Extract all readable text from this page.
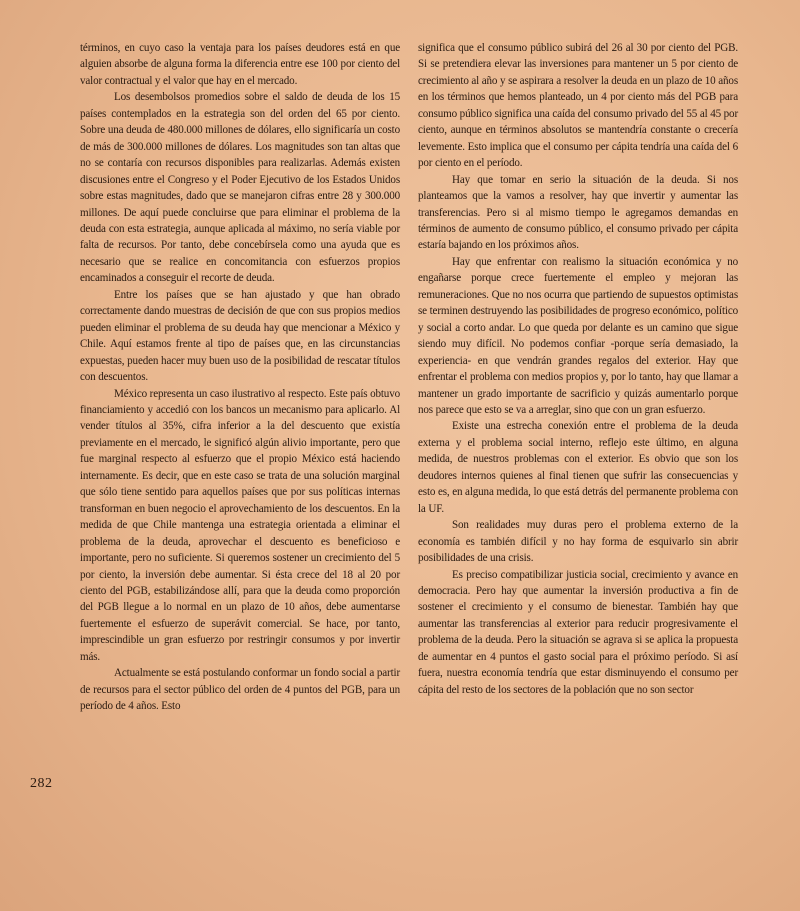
términos, en cuyo caso la ventaja para los países deudores está en que alguien absorbe de alguna forma la diferencia entre ese 100 por ciento del valor contractual y el valor que hay en el mercado.

Los desembolsos promedios sobre el saldo de deuda de los 15 países contemplados en la estrategia son del orden del 65 por ciento. Sobre una deuda de 480.000 millones de dólares, ello significaría un costo de más de 300.000 millones de dólares. Los magnitudes son tan altas que no se contaría con recursos disponibles para realizarlas. Además existen discusiones entre el Congreso y el Poder Ejecutivo de los Estados Unidos sobre estas magnitudes, dado que se manejaron cifras entre 28 y 300.000 millones. De aquí puede concluirse que para eliminar el problema de la deuda con esta estrategia, aunque aplicada al máximo, no sería viable por falta de recursos. Por tanto, debe concebírsela como una ayuda que es necesario que se realice en concomitancia con esfuerzos propios encaminados a conseguir el recorte de deuda.

Entre los países que se han ajustado y que han obrado correctamente dando muestras de decisión de que con sus propios medios pueden eliminar el problema de su deuda hay que mencionar a México y Chile. Aquí estamos frente al tipo de países que, en las circunstancias expuestas, pueden hacer muy buen uso de la posibilidad de rescatar títulos con descuentos.

México representa un caso ilustrativo al respecto. Este país obtuvo financiamiento y accedió con los bancos un mecanismo para aplicarlo. Al vender títulos al 35%, cifra inferior a la del descuento que existía previamente en el mercado, le significó algún alivio importante, pero que fue marginal respecto al esfuerzo que el propio México está haciendo internamente. Es decir, que en este caso se trata de una solución marginal que sólo tiene sentido para aquellos países que por sus políticas internas transforman en buen negocio el aprovechamiento de los descuentos. En la medida de que Chile mantenga una estrategia orientada a eliminar el problema de la deuda, aprovechar el descuento es beneficioso e importante, pero no suficiente. Si queremos sostener un crecimiento del 5 por ciento, la inversión debe aumentar. Si ésta crece del 18 al 20 por ciento del PGB, estabilizándose allí, para que la deuda como proporción del PGB llegue a lo normal en un plazo de 10 años, debe aumentarse fuertemente el esfuerzo de superávit comercial. Se hace, por tanto, imprescindible un gran esfuerzo por restringir consumos y por invertir más.

Actualmente se está postulando conformar un fondo social a partir de recursos para el sector público del orden de 4 puntos del PGB, para un período de 4 años. Esto

significa que el consumo público subirá del 26 al 30 por ciento del PGB. Si se pretendiera elevar las inversiones para mantener un 5 por ciento de crecimiento al año y se aspirara a resolver la deuda en un plazo de 10 años en los términos que hemos planteado, un 4 por ciento más del PGB para consumo público significa una caída del consumo privado del 55 al 45 por ciento, aunque en términos absolutos se mantendría constante o crecería levemente. Esto implica que el consumo per cápita tendría una caída del 6 por ciento en el período.

Hay que tomar en serio la situación de la deuda. Si nos planteamos que la vamos a resolver, hay que invertir y aumentar las transferencias. Pero si al mismo tiempo le agregamos demandas en términos de aumento de consumo público, el consumo privado per cápita estaría bajando en los próximos años.

Hay que enfrentar con realismo la situación económica y no engañarse porque crece fuertemente el empleo y mejoran las remuneraciones. Que no nos ocurra que partiendo de supuestos optimistas se terminen destruyendo las posibilidades de progreso económico, político y social a corto andar. Lo que queda por delante es un camino que sigue siendo muy difícil. No podemos confiar -porque sería demasiado, la experiencia- en que vendrán grandes regalos del exterior. Hay que enfrentar el problema con medios propios y, por lo tanto, hay que llamar a mantener un grado importante de sacrificio y quizás aumentarlo porque nos parece que esto se va a arreglar, sino que con un gran esfuerzo.

Existe una estrecha conexión entre el problema de la deuda externa y el problema social interno, reflejo este último, en alguna medida, de nuestros problemas con el exterior. Es obvio que son los deudores internos quienes al final tienen que sufrir las consecuencias y esto es, en alguna medida, lo que está detrás del permanente problema con la UF.

Son realidades muy duras pero el problema externo de la economía es también difícil y no hay forma de esquivarlo sin abrir posibilidades de una crisis.

Es preciso compatibilizar justicia social, crecimiento y avance en democracia. Pero hay que aumentar la inversión productiva a fin de sostener el crecimiento y el consumo de bienestar. También hay que aumentar las transferencias al exterior para reducir progresivamente el problema de la deuda. Pero la situación se agrava si se aplica la propuesta de aumentar en 4 puntos el gasto social para el próximo período. Si así fuera, nuestra economía tendría que estar disminuyendo el consumo per cápita del resto de los sectores de la población que no son sector

282
